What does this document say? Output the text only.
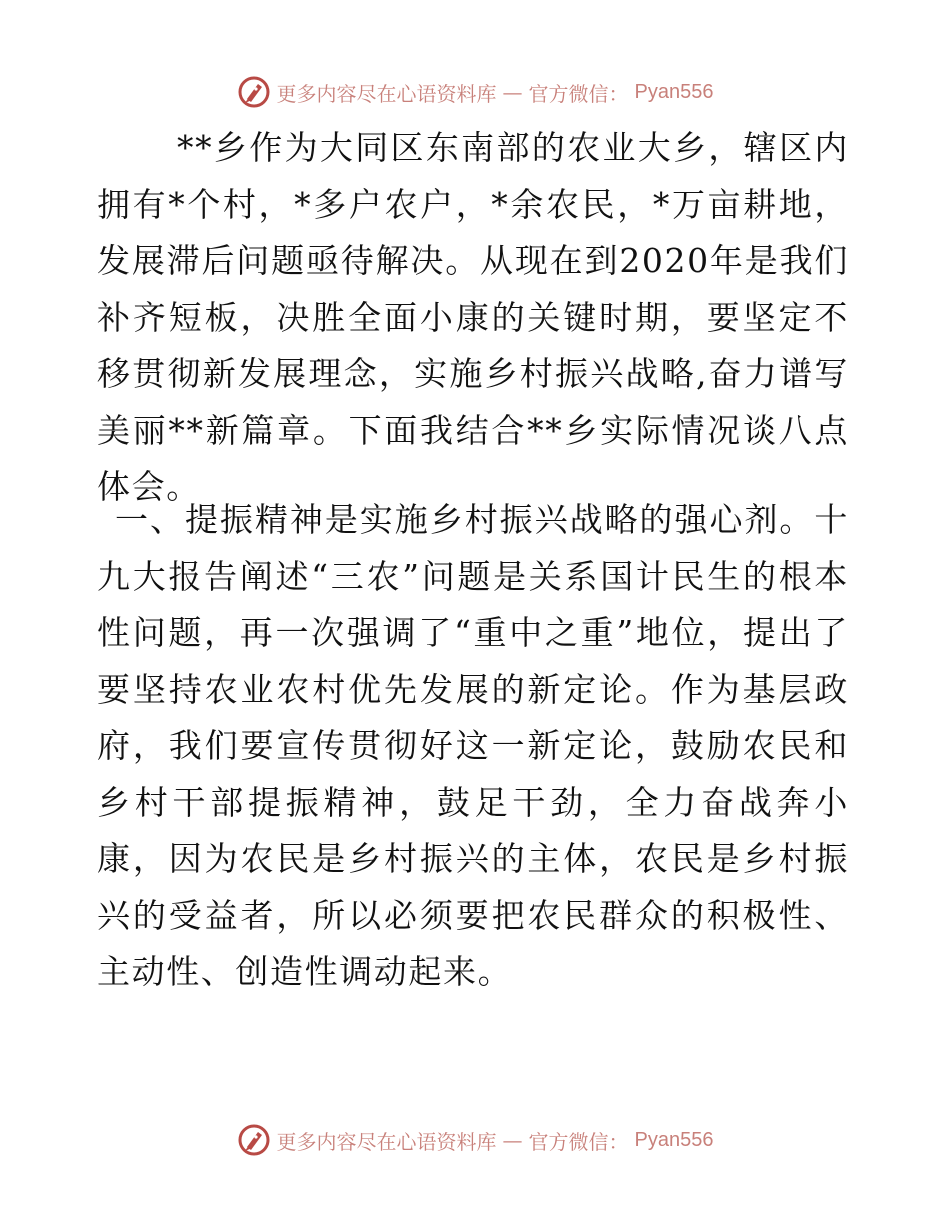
更多内容尽在心语资料库 — 官方微信： Pyan556

**乡作为大同区东南部的农业大乡，辖区内拥有*个村，*多户农户，*余农民，*万亩耕地，发展滞后问题亟待解决。从现在到2020年是我们补齐短板，决胜全面小康的关键时期，要坚定不移贯彻新发展理念，实施乡村振兴战略,奋力谱写美丽**新篇章。下面我结合**乡实际情况谈八点体会。

一、提振精神是实施乡村振兴战略的强心剂。十九大报告阐述“三农”问题是关系国计民生的根本性问题，再一次强调了“重中之重”地位，提出了要坚持农业农村优先发展的新定论。作为基层政府，我们要宣传贯彻好这一新定论，鼓励农民和乡村干部提振精神，鼓足干劲，全力奋战奔小康，因为农民是乡村振兴的主体，农民是乡村振兴的受益者，所以必须要把农民群众的积极性、主动性、创造性调动起来。

更多内容尽在心语资料库 — 官方微信： Pyan556
